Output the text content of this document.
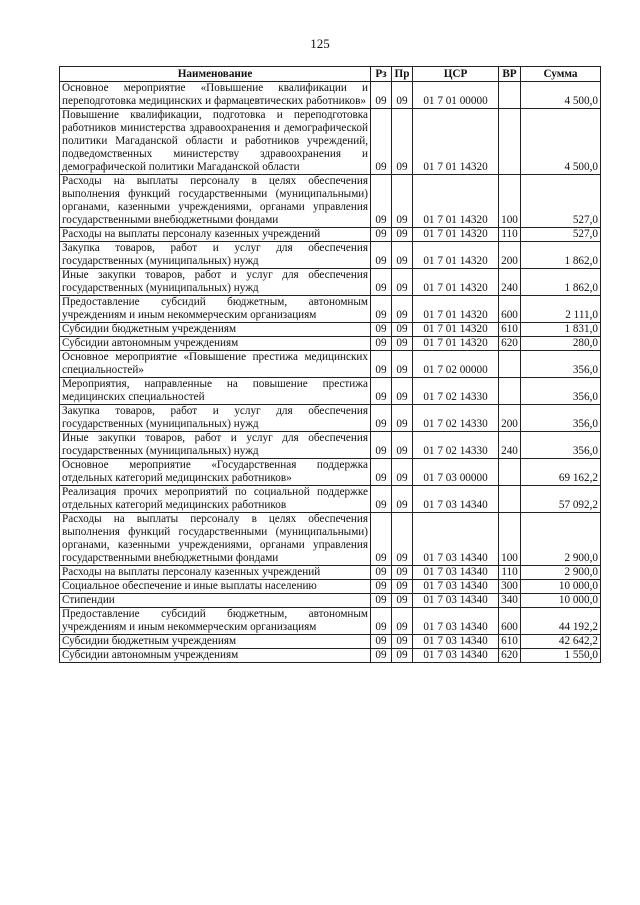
125
Наименование	Рз	Пр	ЦСР	ВР	Сумма
Основное мероприятие «Повышение квалификации и переподготовка медицинских и фармацевтических работников»	09	09	01 7 01 00000		4 500,0
Повышение квалификации, подготовка и переподготовка работников министерства здравоохранения и демографической политики Магаданской области и работников учреждений, подведомственных министерству здравоохранения и демографической политики Магаданской области	09	09	01 7 01 14320		4 500,0
Расходы на выплаты персоналу в целях обеспечения выполнения функций государственными (муниципальными) органами, казенными учреждениями, органами управления государственными внебюджетными фондами	09	09	01 7 01 14320	100	527,0
Расходы на выплаты персоналу казенных учреждений	09	09	01 7 01 14320	110	527,0
Закупка товаров, работ и услуг для обеспечения государственных (муниципальных) нужд	09	09	01 7 01 14320	200	1 862,0
Иные закупки товаров, работ и услуг для обеспечения государственных (муниципальных) нужд	09	09	01 7 01 14320	240	1 862,0
Предоставление субсидий бюджетным, автономным учреждениям и иным некоммерческим организациям	09	09	01 7 01 14320	600	2 111,0
Субсидии бюджетным учреждениям	09	09	01 7 01 14320	610	1 831,0
Субсидии автономным учреждениям	09	09	01 7 01 14320	620	280,0
Основное мероприятие «Повышение престижа медицинских специальностей»	09	09	01 7 02 00000		356,0
Мероприятия, направленные на повышение престижа медицинских специальностей	09	09	01 7 02 14330		356,0
Закупка товаров, работ и услуг для обеспечения государственных (муниципальных) нужд	09	09	01 7 02 14330	200	356,0
Иные закупки товаров, работ и услуг для обеспечения государственных (муниципальных) нужд	09	09	01 7 02 14330	240	356,0
Основное мероприятие «Государственная поддержка отдельных категорий медицинских работников»	09	09	01 7 03 00000		69 162,2
Реализация прочих мероприятий по социальной поддержке отдельных категорий медицинских работников	09	09	01 7 03 14340		57 092,2
Расходы на выплаты персоналу в целях обеспечения выполнения функций государственными (муниципальными) органами, казенными учреждениями, органами управления государственными внебюджетными фондами	09	09	01 7 03 14340	100	2 900,0
Расходы на выплаты персоналу казенных учреждений	09	09	01 7 03 14340	110	2 900,0
Социальное обеспечение и иные выплаты населению	09	09	01 7 03 14340	300	10 000,0
Стипендии	09	09	01 7 03 14340	340	10 000,0
Предоставление субсидий бюджетным, автономным учреждениям и иным некоммерческим организациям	09	09	01 7 03 14340	600	44 192,2
Субсидии бюджетным учреждениям	09	09	01 7 03 14340	610	42 642,2
Субсидии автономным учреждениям	09	09	01 7 03 14340	620	1 550,0
